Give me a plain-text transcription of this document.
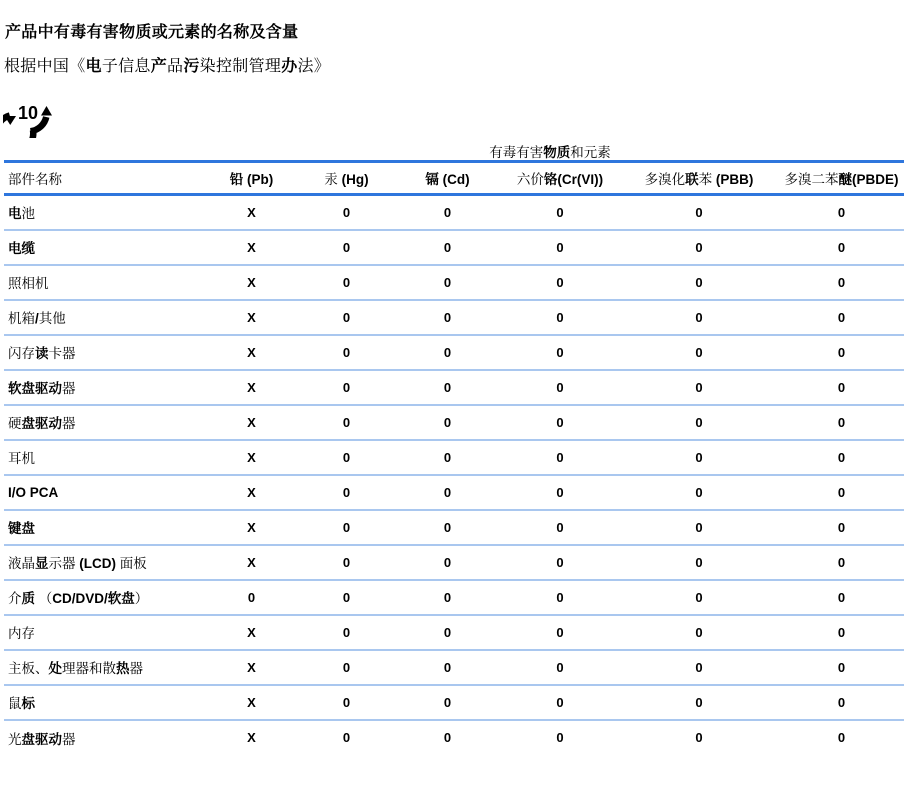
产品中有毒有害物质或元素的名称及含量

根据中国《电子信息产品污染控制管理办法》

10
有毒有害物质和元素
部件名称	铅 (Pb)	汞 (Hg)	镉 (Cd)	六价铬(Cr(VI))	多溴化联苯 (PBB)	多溴二苯醚(PBDE)
电池	X	0	0	0	0	0
电缆	X	0	0	0	0	0
照相机	X	0	0	0	0	0
机箱/其他	X	0	0	0	0	0
闪存读卡器	X	0	0	0	0	0
软盘驱动器	X	0	0	0	0	0
硬盘驱动器	X	0	0	0	0	0
耳机	X	0	0	0	0	0
I/O PCA	X	0	0	0	0	0
键盘	X	0	0	0	0	0
液晶显示器 (LCD) 面板	X	0	0	0	0	0
介质 （CD/DVD/软盘）	0	0	0	0	0	0
内存	X	0	0	0	0	0
主板、处理器和散热器	X	0	0	0	0	0
鼠标	X	0	0	0	0	0
光盘驱动器	X	0	0	0	0	0
